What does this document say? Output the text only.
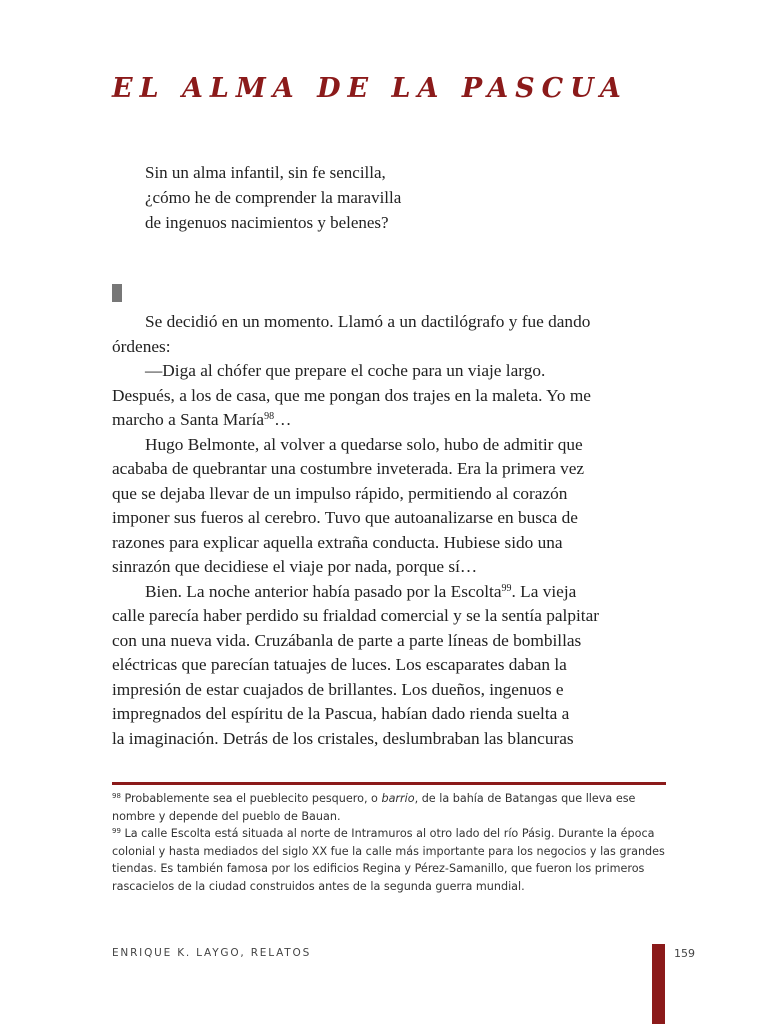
EL ALMA DE LA PASCUA
Sin un alma infantil, sin fe sencilla,
¿cómo he de comprender la maravilla
de ingenuos nacimientos y belenes?
Se decidió en un momento. Llamó a un dactilógrafo y fue dando
órdenes:
—Diga al chófer que prepare el coche para un viaje largo.
Después, a los de casa, que me pongan dos trajes en la maleta. Yo me
marcho a Santa María$^{98}$…
Hugo Belmonte, al volver a quedarse solo, hubo de admitir que
acababa de quebrantar una costumbre inveterada. Era la primera vez
que se dejaba llevar de un impulso rápido, permitiendo al corazón
imponer sus fueros al cerebro. Tuvo que autoanalizarse en busca de
razones para explicar aquella extraña conducta. Hubiese sido una
sinrazón que decidiese el viaje por nada, porque sí…
Bien. La noche anterior había pasado por la Escolta$^{99}$. La vieja
calle parecía haber perdido su frialdad comercial y se la sentía palpitar
con una nueva vida. Cruzábanla de parte a parte líneas de bombillas
eléctricas que parecían tatuajes de luces. Los escaparates daban la
impresión de estar cuajados de brillantes. Los dueños, ingenuos e
impregnados del espíritu de la Pascua, habían dado rienda suelta a
la imaginación. Detrás de los cristales, deslumbraban las blancuras
$^{98}$ Probablemente sea el pueblecito pesquero, o barrio, de la bahía de Batangas que lleva ese
nombre y depende del pueblo de Bauan.
$^{99}$ La calle Escolta está situada al norte de Intramuros al otro lado del río Pásig. Durante la época
colonial y hasta mediados del siglo XX fue la calle más importante para los negocios y las grandes
tiendas. Es también famosa por los edificios Regina y Pérez-Samanillo, que fueron los primeros
rascacielos de la ciudad construidos antes de la segunda guerra mundial.
ENRIQUE K. LAYGO, RELATOS	159
